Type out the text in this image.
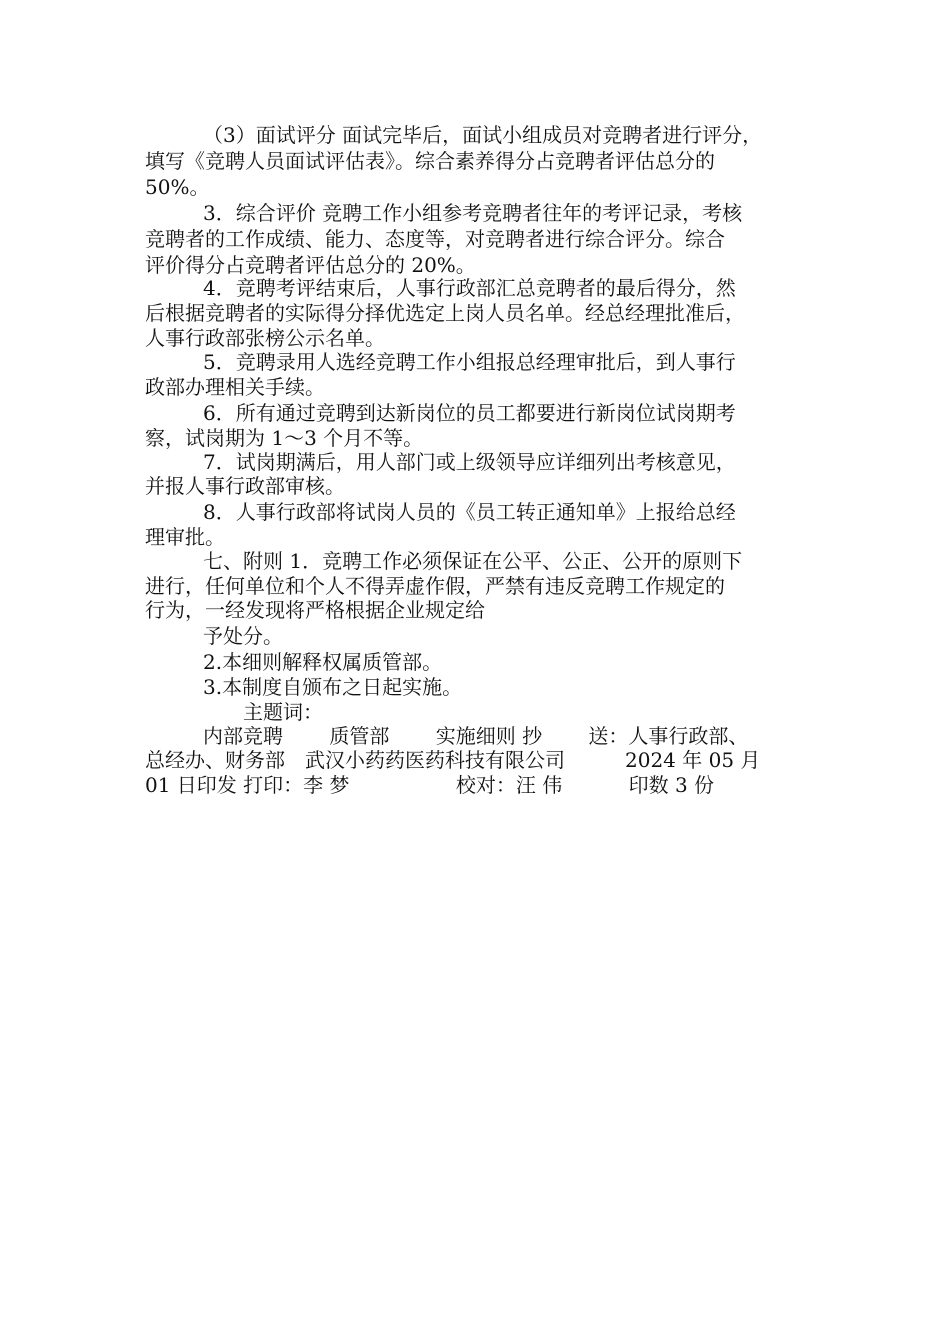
（3）面试评分 面试完毕后，面试小组成员对竞聘者进行评分，
填写《竞聘人员面试评估表》。综合素养得分占竞聘者评估总分的
50%。
3．综合评价 竞聘工作小组参考竞聘者往年的考评记录，考核
竞聘者的工作成绩、能力、态度等，对竞聘者进行综合评分。综合
评价得分占竞聘者评估总分的 20%。
4．竞聘考评结束后，人事行政部汇总竞聘者的最后得分，然
后根据竞聘者的实际得分择优选定上岗人员名单。经总经理批准后，
人事行政部张榜公示名单。
5．竞聘录用人选经竞聘工作小组报总经理审批后，到人事行
政部办理相关手续。
6．所有通过竞聘到达新岗位的员工都要进行新岗位试岗期考
察，试岗期为 1～3 个月不等。
7．试岗期满后，用人部门或上级领导应详细列出考核意见，
并报人事行政部审核。
8．人事行政部将试岗人员的《员工转正通知单》上报给总经
理审批。
七、附则 1．竞聘工作必须保证在公平、公正、公开的原则下
进行，任何单位和个人不得弄虚作假，严禁有违反竞聘工作规定的
行为，一经发现将严格根据企业规定给
予处分。
2.本细则解释权属质管部。
3.本制度自颁布之日起实施。
主题词：
内部竞聘　　 质管部　　 实施细则 抄　　 送：人事行政部、
总经办、财务部　武汉小药药医药科技有限公司　　　2024 年 05 月
01 日印发 打印：李 梦　　　　　 校对：汪 伟　　　 印数 3 份
